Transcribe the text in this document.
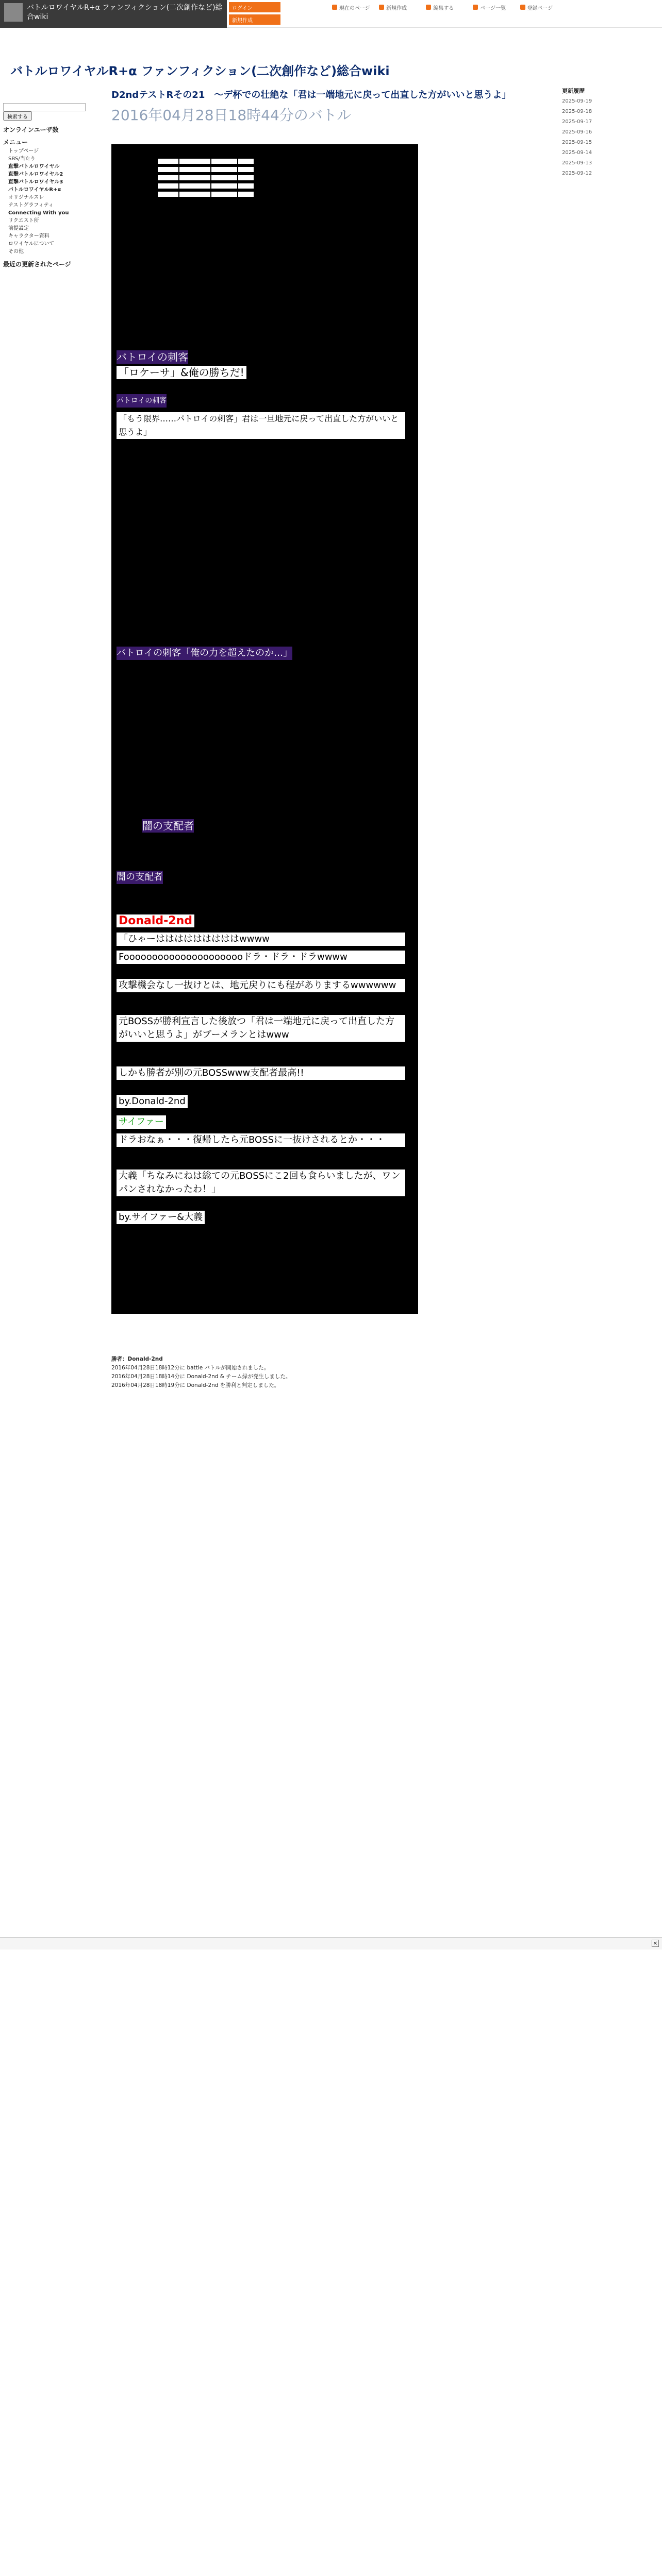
バトルロワイヤルR+α ファンフィクション(二次創作など)総合wiki
ログイン
新規作成
現在のページ	新規作成	編集する	ページ一覧	登録ページ
バトルロワイヤルR+α ファンフィクション(二次創作など)総合wiki

検索する
オンラインユーザ数
メニュー
トップページ
SBS/当たり
直撃バトルロワイヤル
直撃バトルロワイヤル2
直撃バトルロワイヤル3
バトルロワイヤルR+α
オリジナルスレ
テストグラフィティ
Connecting With you
リクエスト所
前提設定
キャラクター資料
ロワイヤルについて
その他
最近の更新されたページ
D2ndテストRその21　〜デ杯での壮絶な「君は一端地元に戻って出直した方がいいと思うよ」
2016年04月28日18時44分のバトル
バトロイの刺客
「ロケーサ」&俺の勝ちだ!
パトロイの刺客
「もう限界……パトロイの刺客」君は一旦地元に戻って出直した方がいいと思うよ」
バトロイの刺客「俺の力を超えたのか…」
闇の支配者
闇の支配者
Donald-2nd
「ひゃーはははははははははwwww
Foooooooooooooooooooooドラ・ドラ・ドラwwww
攻撃機会なし一抜けとは、地元戻りにも程がありまするwwwwww
元BOSSが勝利宣言した後放つ「君は一端地元に戻って出直した方がいいと思うよ」がブーメランとはwww
しかも勝者が別の元BOSSwww支配者最高!!
by.Donald-2nd
サイファー
ドラおなぁ・・・復帰したら元BOSSに一抜けされるとか・・・
大義「ちなみにねは総ての元BOSSにこ2回も食らいましたが、ワンパンされなかったわ！」
by.サイファー&大義
勝者：Donald-2nd
2016年04月28日18時12分に battle バトルが開始されました。
2016年04月28日18時14分に Donald-2nd & チーム緑が発生しました。
2016年04月28日18時19分に Donald-2nd を勝利と判定しました。
×
更新履歴
2025-09-19
2025-09-18
2025-09-17
2025-09-16
2025-09-15
2025-09-14
2025-09-13
2025-09-12
